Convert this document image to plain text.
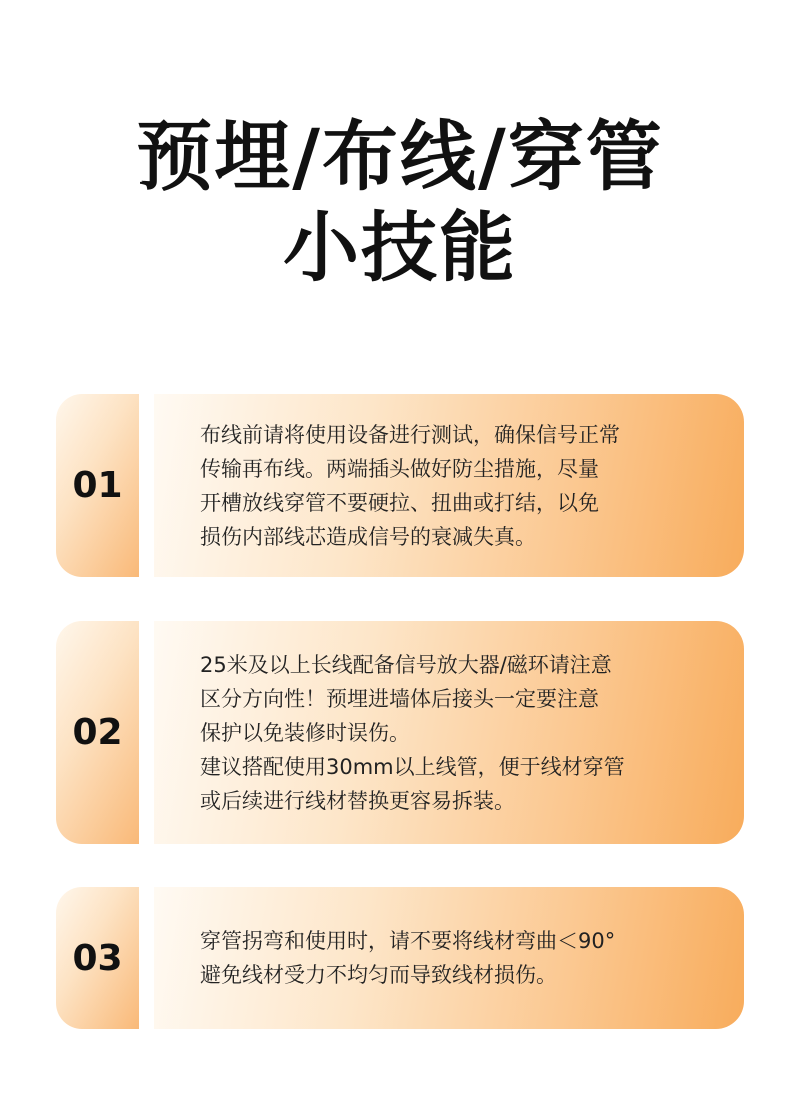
预埋/布线/穿管
小技能
01

布线前请将使用设备进行测试，确保信号正常

传输再布线。两端插头做好防尘措施，尽量

开槽放线穿管不要硬拉、扭曲或打结，以免

损伤内部线芯造成信号的衰减失真。

02

25米及以上长线配备信号放大器/磁环请注意

区分方向性！预埋进墙体后接头一定要注意

保护以免装修时误伤。

建议搭配使用30mm以上线管，便于线材穿管

或后续进行线材替换更容易拆装。

03	穿管拐弯和使用时，请不要将线材弯曲＜90°

避免线材受力不均匀而导致线材损伤。
